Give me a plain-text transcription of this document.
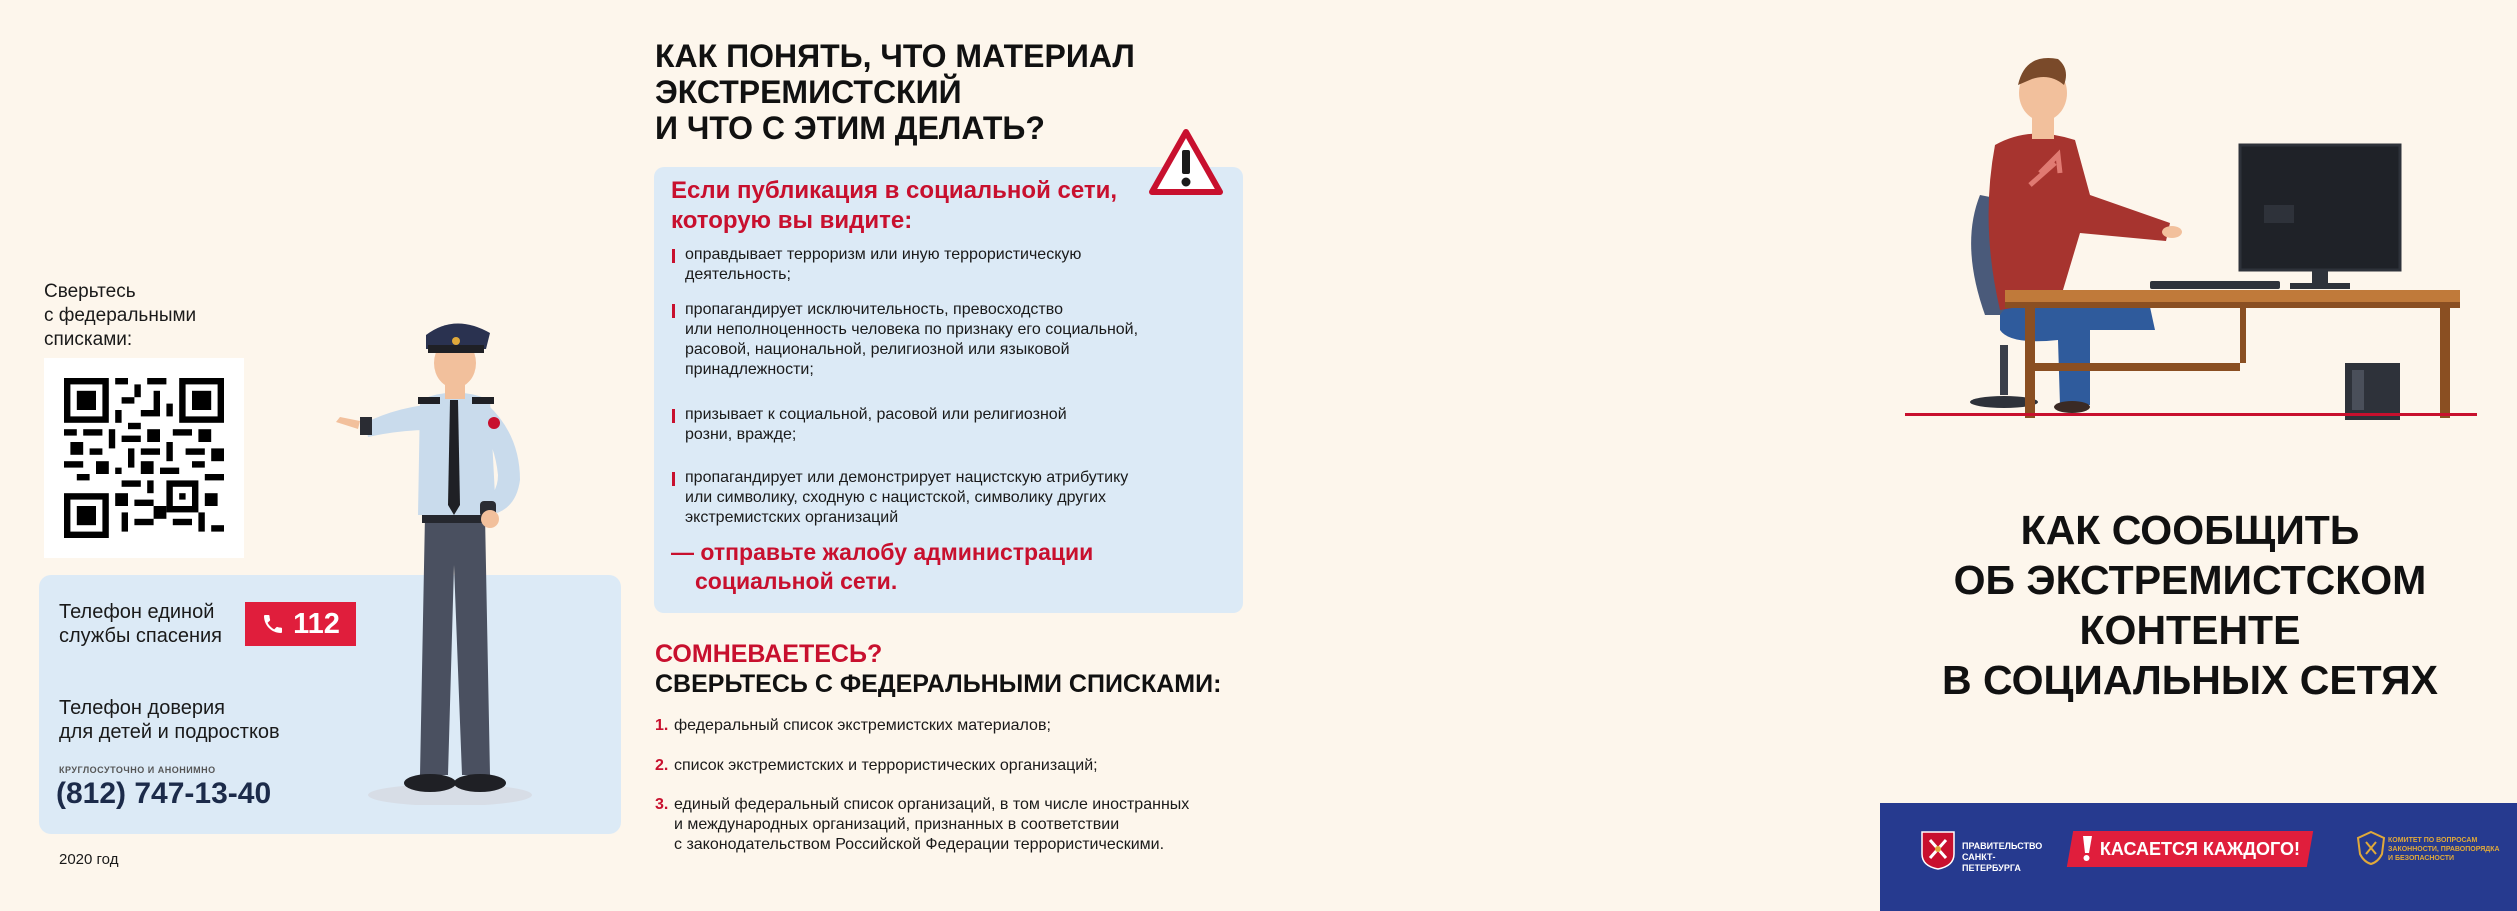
Сверьтесь
с федеральными
списками:
Телефон единой
службы спасения	112
Телефон доверия
для детей и подростков
КРУГЛОСУТОЧНО И АНОНИМНО
(812) 747-13-40
2020 год
КАК ПОНЯТЬ, ЧТО МАТЕРИАЛ
ЭКСТРЕМИСТСКИЙ
И ЧТО С ЭТИМ ДЕЛАТЬ?
Если публикация в социальной сети,
которую вы видите:
оправдывает терроризм или иную террористическую
деятельность;
пропагандирует исключительность, превосходство
или неполноценность человека по признаку его социальной,
расовой, национальной, религиозной или языковой
принадлежности;
призывает к социальной, расовой или религиозной
розни, вражде;
пропагандирует или демонстрирует нацистскую атрибутику
или символику, сходную с нацистской, символику других
экстремистских организаций
— отправьте жалобу администрации
социальной сети.
СОМНЕВАЕТЕСЬ?
СВЕРЬТЕСЬ С ФЕДЕРАЛЬНЫМИ СПИСКАМИ:
1. федеральный список экстремистских материалов;
2. список экстремистских и террористических организаций;
3. единый федеральный список организаций, в том числе иностранных
и международных организаций, признанных в соответствии
с законодательством Российской Федерации террористическими.
КАК СООБЩИТЬ
ОБ ЭКСТРЕМИСТСКОМ
КОНТЕНТЕ
В СОЦИАЛЬНЫХ СЕТЯХ
ПРАВИТЕЛЬСТВО
САНКТ-ПЕТЕРБУРГА
КАСАЕТСЯ КАЖДОГО!	КОМИТЕТ ПО ВОПРОСАМ
ЗАКОННОСТИ, ПРАВОПОРЯДКА
И БЕЗОПАСНОСТИ
